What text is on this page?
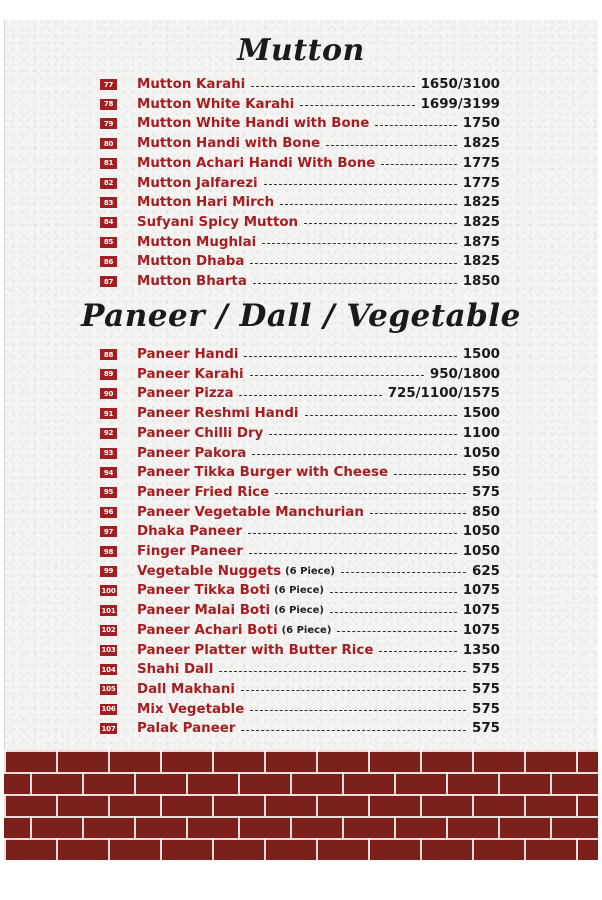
Mutton
77 Mutton Karahi	1650/3100
78 Mutton White Karahi	1699/3199
79 Mutton White Handi with Bone	1750
80 Mutton Handi with Bone	1825
81 Mutton Achari Handi With Bone	1775
82 Mutton Jalfarezi	1775
83 Mutton Hari Mirch	1825
84 Sufyani Spicy Mutton	1825
85 Mutton Mughlai	1875
86 Mutton Dhaba	1825
87 Mutton Bharta	1850
Paneer / Dall / Vegetable
88 Paneer Handi	1500
89 Paneer Karahi	950/1800
90 Paneer Pizza	725/1100/1575
91 Paneer Reshmi Handi	1500
92 Paneer Chilli Dry	1100
93 Paneer Pakora	1050
94 Paneer Tikka Burger with Cheese	550
95 Paneer Fried Rice	575
96 Paneer Vegetable Manchurian	850
97 Dhaka Paneer	1050
98 Finger Paneer	1050
99 Vegetable Nuggets (6 Piece)	625
100 Paneer Tikka Boti (6 Piece)	1075
101 Paneer Malai Boti (6 Piece)	1075
102 Paneer Achari Boti (6 Piece)	1075
103 Paneer Platter with Butter Rice	1350
104 Shahi Dall	575
105 Dall Makhani	575
106 Mix Vegetable	575
107 Palak Paneer	575
